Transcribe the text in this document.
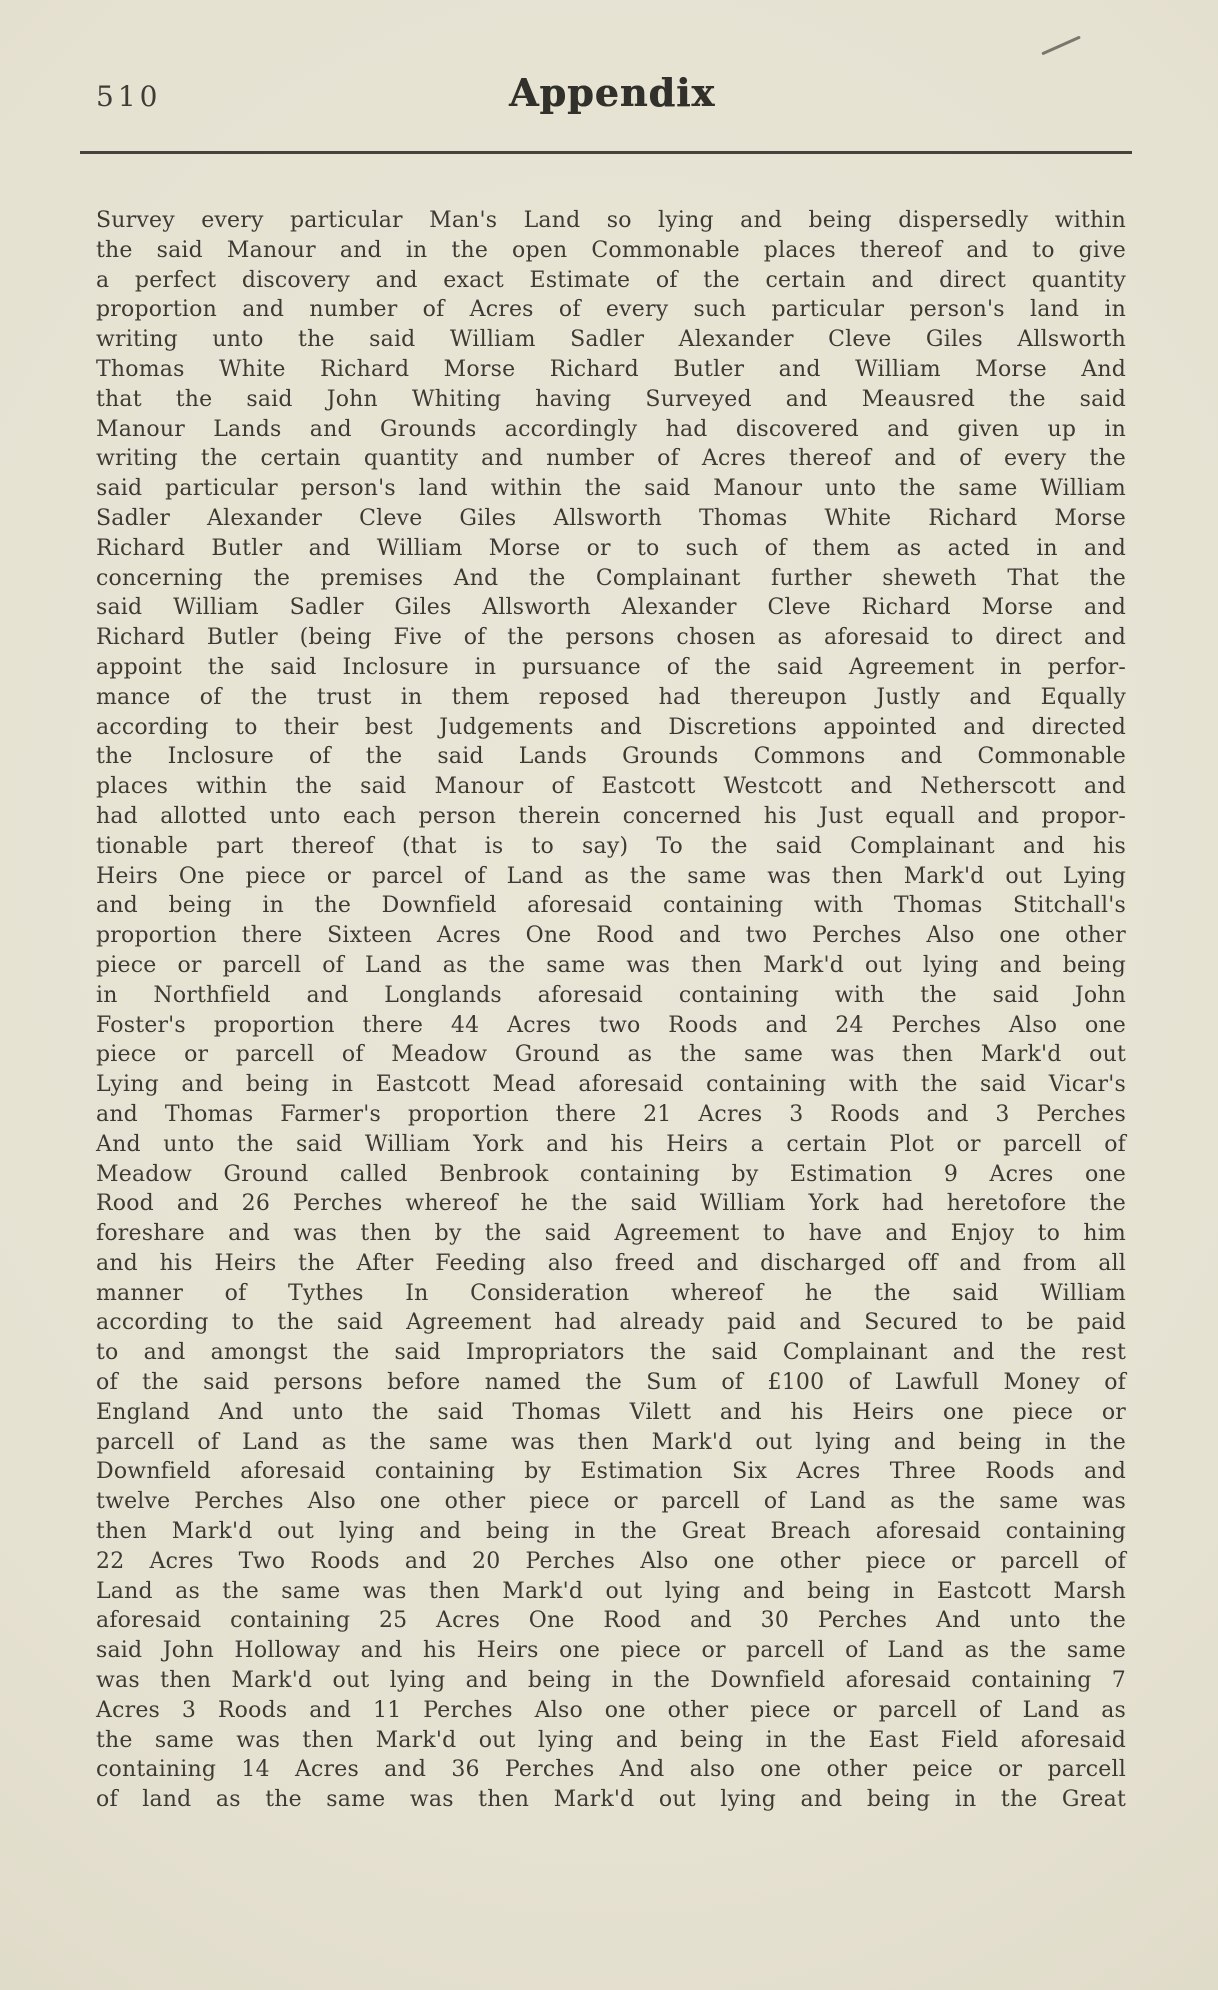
510	Appendix
Survey every particular Man's Land so lying and being dispersedly within
the said Manour and in the open Commonable places thereof and to give
a perfect discovery and exact Estimate of the certain and direct quantity
proportion and number of Acres of every such particular person's land in
writing unto the said William Sadler Alexander Cleve Giles Allsworth
Thomas White Richard Morse Richard Butler and William Morse And
that the said John Whiting having Surveyed and Meausred the said
Manour Lands and Grounds accordingly had discovered and given up in
writing the certain quantity and number of Acres thereof and of every the
said particular person's land within the said Manour unto the same William
Sadler Alexander Cleve Giles Allsworth Thomas White Richard Morse
Richard Butler and William Morse or to such of them as acted in and
concerning the premises And the Complainant further sheweth That the
said William Sadler Giles Allsworth Alexander Cleve Richard Morse and
Richard Butler (being Five of the persons chosen as aforesaid to direct and
appoint the said Inclosure in pursuance of the said Agreement in perfor-
mance of the trust in them reposed had thereupon Justly and Equally
according to their best Judgements and Discretions appointed and directed
the Inclosure of the said Lands Grounds Commons and Commonable
places within the said Manour of Eastcott Westcott and Netherscott and
had allotted unto each person therein concerned his Just equall and propor-
tionable part thereof (that is to say) To the said Complainant and his
Heirs One piece or parcel of Land as the same was then Mark'd out Lying
and being in the Downfield aforesaid containing with Thomas Stitchall's
proportion there Sixteen Acres One Rood and two Perches Also one other
piece or parcell of Land as the same was then Mark'd out lying and being
in Northfield and Longlands aforesaid containing with the said John
Foster's proportion there 44 Acres two Roods and 24 Perches Also one
piece or parcell of Meadow Ground as the same was then Mark'd out
Lying and being in Eastcott Mead aforesaid containing with the said Vicar's
and Thomas Farmer's proportion there 21 Acres 3 Roods and 3 Perches
And unto the said William York and his Heirs a certain Plot or parcell of
Meadow Ground called Benbrook containing by Estimation 9 Acres one
Rood and 26 Perches whereof he the said William York had heretofore the
foreshare and was then by the said Agreement to have and Enjoy to him
and his Heirs the After Feeding also freed and discharged off and from all
manner of Tythes In Consideration whereof he the said William
according to the said Agreement had already paid and Secured to be paid
to and amongst the said Impropriators the said Complainant and the rest
of the said persons before named the Sum of £100 of Lawfull Money of
England And unto the said Thomas Vilett and his Heirs one piece or
parcell of Land as the same was then Mark'd out lying and being in the
Downfield aforesaid containing by Estimation Six Acres Three Roods and
twelve Perches Also one other piece or parcell of Land as the same was
then Mark'd out lying and being in the Great Breach aforesaid containing
22 Acres Two Roods and 20 Perches Also one other piece or parcell of
Land as the same was then Mark'd out lying and being in Eastcott Marsh
aforesaid containing 25 Acres One Rood and 30 Perches And unto the
said John Holloway and his Heirs one piece or parcell of Land as the same
was then Mark'd out lying and being in the Downfield aforesaid containing 7
Acres 3 Roods and 11 Perches Also one other piece or parcell of Land as
the same was then Mark'd out lying and being in the East Field aforesaid
containing 14 Acres and 36 Perches And also one other peice or parcell
of land as the same was then Mark'd out lying and being in the Great
